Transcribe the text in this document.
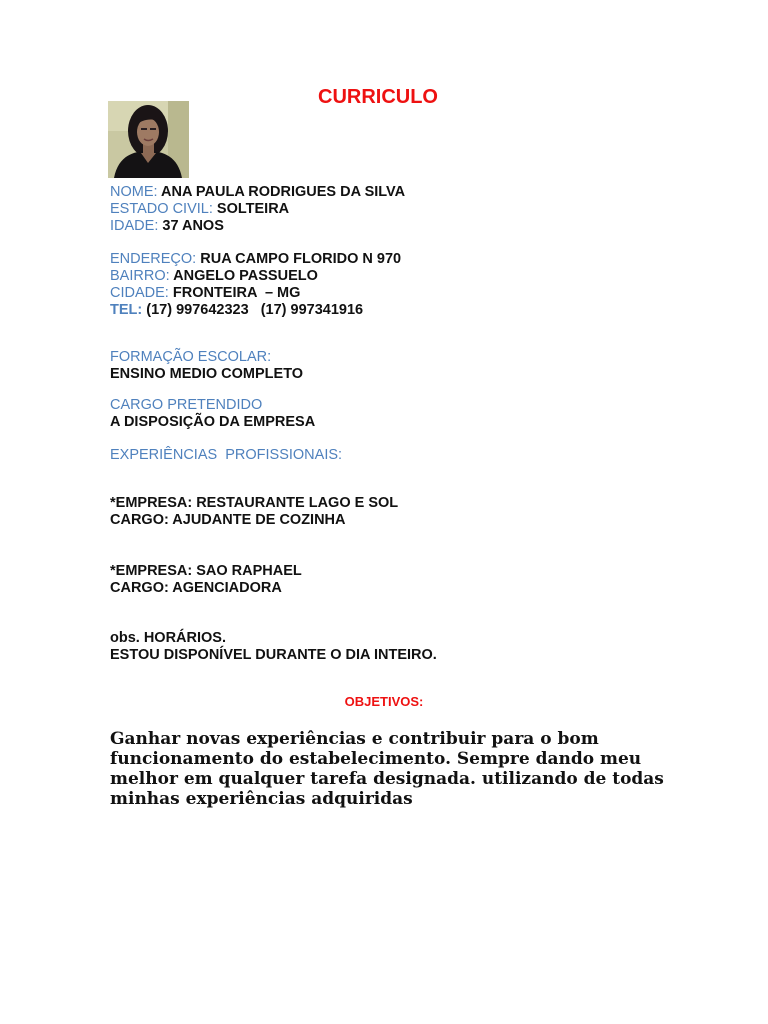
CURRICULO
NOME: ANA PAULA RODRIGUES DA SILVA
ESTADO CIVIL: SOLTEIRA
IDADE: 37 ANOS
ENDEREÇO: RUA CAMPO FLORIDO N 970
BAIRRO: ANGELO PASSUELO
CIDADE: FRONTEIRA  – MG
TEL: (17) 997642323   (17) 997341916
FORMAÇÃO ESCOLAR:
ENSINO MEDIO COMPLETO
CARGO PRETENDIDO
A DISPOSIÇÃO DA EMPRESA
EXPERIÊNCIAS  PROFISSIONAIS:
*EMPRESA: RESTAURANTE LAGO E SOL
CARGO: AJUDANTE DE COZINHA
*EMPRESA: SAO RAPHAEL
CARGO: AGENCIADORA
obs. HORÁRIOS.
ESTOU DISPONÍVEL DURANTE O DIA INTEIRO.
OBJETIVOS:
Ganhar novas experiências e contribuir para o bom funcionamento do estabelecimento. Sempre dando meu melhor em qualquer tarefa designada. utilizando de todas minhas experiências adquiridas
